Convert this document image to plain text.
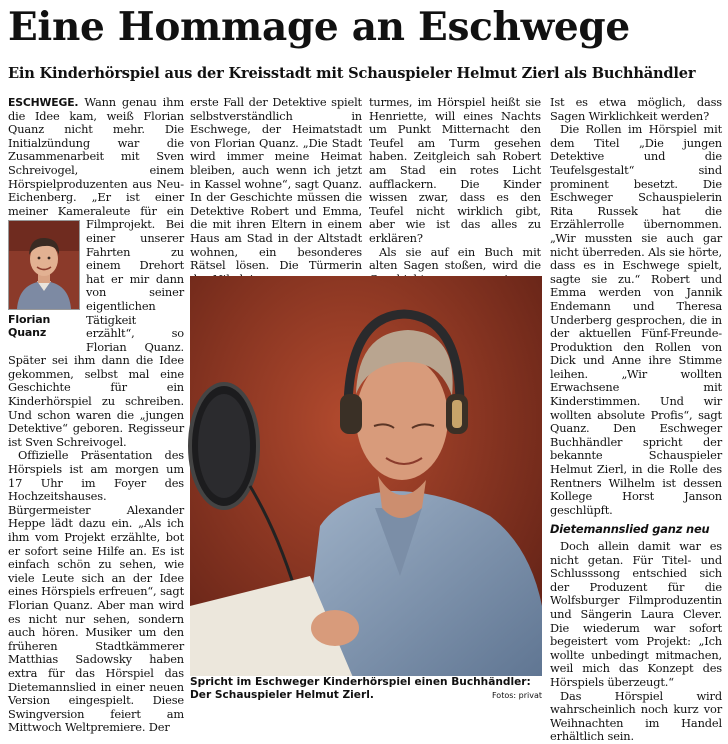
Eine Hommage an Eschwege
Ein Kinderhörspiel aus der Kreisstadt mit Schauspieler Helmut Zierl als Buchhändler

ESCHWEGE. Wann genau ihm die Idee kam, weiß Florian Quanz nicht mehr. Die Initialzündung war die Zusammenarbeit mit Sven Schreivogel, einem Hörspielproduzenten aus Neu-Eichenberg. „Er ist einer meiner Kameraleute für ein Filmprojekt.
Florian
Quanz
Bei einer unserer Fahrten zu einem Drehort hat er mir dann von seiner eigentlichen Tätigkeit erzählt“, so Florian Quanz. Später sei ihm dann die Idee gekommen, selbst mal eine Geschichte für ein Kinderhörspiel zu schreiben. Und schon waren die „jungen Detektive“ geboren. Regisseur ist Sven Schreivogel.

Offizielle Präsentation des Hörspiels ist am morgen um 17 Uhr im Foyer des Hochzeitshauses. Bürgermeister Alexander Heppe lädt dazu ein. „Als ich ihm vom Projekt erzählte, bot er sofort seine Hilfe an. Es ist einfach schön zu sehen, wie viele Leute sich an der Idee eines Hörspiels erfreuen“, sagt Florian Quanz. Aber man wird es nicht nur sehen, sondern auch hören. Musiker um den früheren Stadtkämmerer Matthias Sadowsky haben extra für das Hörspiel das Dietemannslied in einer neuen Version eingespielt. Diese Swingversion feiert am Mittwoch Weltpremiere. Der

erste Fall der Detektive spielt selbstverständlich in Eschwege, der Heimatstadt von Florian Quanz. „Die Stadt wird immer meine Heimat bleiben, auch wenn ich jetzt in Kassel wohne“, sagt Quanz. In der Geschichte müssen die Detektive Robert und Emma, die mit ihren Eltern in einem Haus am Stad in der Altstadt wohnen, ein besonderes Rätsel lösen. Die Türmerin

turmes, im Hörspiel heißt sie Henriette, will eines Nachts um Punkt Mitternacht den Teufel am Turm gesehen haben. Zeitgleich sah Robert am Stad ein rotes Licht aufflackern. Die Kinder wissen zwar, dass es den Teufel nicht wirklich gibt, aber wie ist das alles zu erklären?

Als sie auf ein Buch mit alten Sagen stoßen, wird die

Spricht im Eschweger Kinderhörspiel einen Buchhändler: Der Schauspieler Helmut Zierl.	Fotos: privat

Ist es etwa möglich, dass Sagen Wirklichkeit werden?

Die Rollen im Hörspiel mit dem Titel „Die jungen Detektive und die Teufelsgestalt“ sind prominent besetzt. Die Eschweger Schauspielerin Rita Russek hat die Erzählerrolle übernommen. „Wir mussten sie auch gar nicht überreden. Als sie hörte, dass es in Eschwege spielt, sagte sie zu.“ Robert und Emma werden von Jannik Endemann und Theresa Underberg gesprochen, die in der aktuellen Fünf-Freunde-Produktion den Rollen von Dick und Anne ihre Stimme leihen. „Wir wollten Erwachsene mit Kinderstimmen. Und wir wollten absolute Profis“, sagt Quanz. Den Eschweger Buchhändler spricht der bekannte Schauspieler Helmut Zierl, in die Rolle des Rentners Wilhelm ist dessen Kollege Horst Janson geschlüpft.

Dietemannslied ganz neu

Doch allein damit war es nicht getan. Für Titel- und Schlusssong entschied sich der Produzent für die Wolfsburger Filmproduzentin und Sängerin Laura Clever. Die wiederum war sofort begeistert vom Projekt: „Ich wollte unbedingt mitmachen, weil mich das Konzept des Hörspiels überzeugt.“

Das Hörspiel wird wahrscheinlich noch kurz vor Weihnachten im Handel erhältlich sein.
